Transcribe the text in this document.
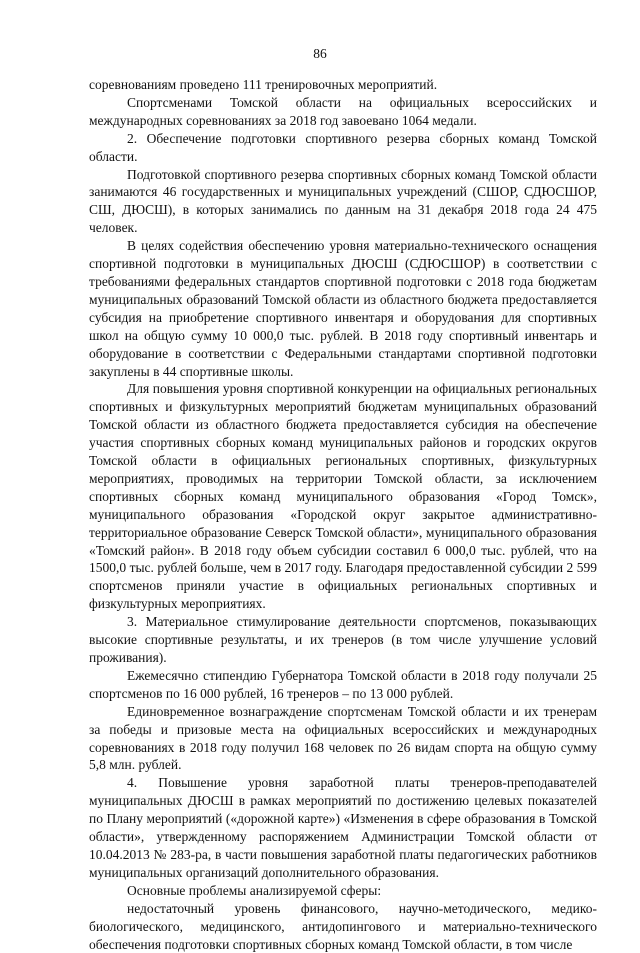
86

соревнованиям проведено 111 тренировочных мероприятий.

Спортсменами Томской области на официальных всероссийских и международных соревнованиях за 2018 год завоевано 1064 медали.

2. Обеспечение подготовки спортивного резерва сборных команд Томской области.

Подготовкой спортивного резерва спортивных сборных команд Томской области занимаются 46 государственных и муниципальных учреждений (СШОР, СДЮСШОР, СШ, ДЮСШ), в которых занимались по данным на 31 декабря 2018 года 24 475 человек.

В целях содействия обеспечению уровня материально-технического оснащения спортивной подготовки в муниципальных ДЮСШ (СДЮСШОР) в соответствии с требованиями федеральных стандартов спортивной подготовки с 2018 года бюджетам муниципальных образований Томской области из областного бюджета предоставляется субсидия на приобретение спортивного инвентаря и оборудования для спортивных школ на общую сумму 10 000,0 тыс. рублей. В 2018 году спортивный инвентарь и оборудование в соответствии с Федеральными стандартами спортивной подготовки закуплены в 44 спортивные школы.

Для повышения уровня спортивной конкуренции на официальных региональных спортивных и физкультурных мероприятий бюджетам муниципальных образований Томской области из областного бюджета предоставляется субсидия на обеспечение участия спортивных сборных команд муниципальных районов и городских округов Томской области в официальных региональных спортивных, физкультурных мероприятиях, проводимых на территории Томской области, за исключением спортивных сборных команд муниципального образования «Город Томск», муниципального образования «Городской округ закрытое административно-территориальное образование Северск Томской области», муниципального образования «Томский район». В 2018 году объем субсидии составил 6 000,0 тыс. рублей, что на 1500,0 тыс. рублей больше, чем в 2017 году. Благодаря предоставленной субсидии 2 599 спортсменов приняли участие в официальных региональных спортивных и физкультурных мероприятиях.

3. Материальное стимулирование деятельности спортсменов, показывающих высокие спортивные результаты, и их тренеров (в том числе улучшение условий проживания).

Ежемесячно стипендию Губернатора Томской области в 2018 году получали 25 спортсменов по 16 000 рублей, 16 тренеров – по 13 000 рублей.

Единовременное вознаграждение спортсменам Томской области и их тренерам за победы и призовые места на официальных всероссийских и международных соревнованиях в 2018 году получил 168 человек по 26 видам спорта на общую сумму 5,8 млн. рублей.

4. Повышение уровня заработной платы тренеров-преподавателей муниципальных ДЮСШ в рамках мероприятий по достижению целевых показателей по Плану мероприятий («дорожной карте») «Изменения в сфере образования в Томской области», утвержденному распоряжением Администрации Томской области от 10.04.2013 № 283-ра, в части повышения заработной платы педагогических работников муниципальных организаций дополнительного образования.

Основные проблемы анализируемой сферы:

недостаточный уровень финансового, научно-методического, медико-биологического, медицинского, антидопингового и материально-технического обеспечения подготовки спортивных сборных команд Томской области, в том числе
